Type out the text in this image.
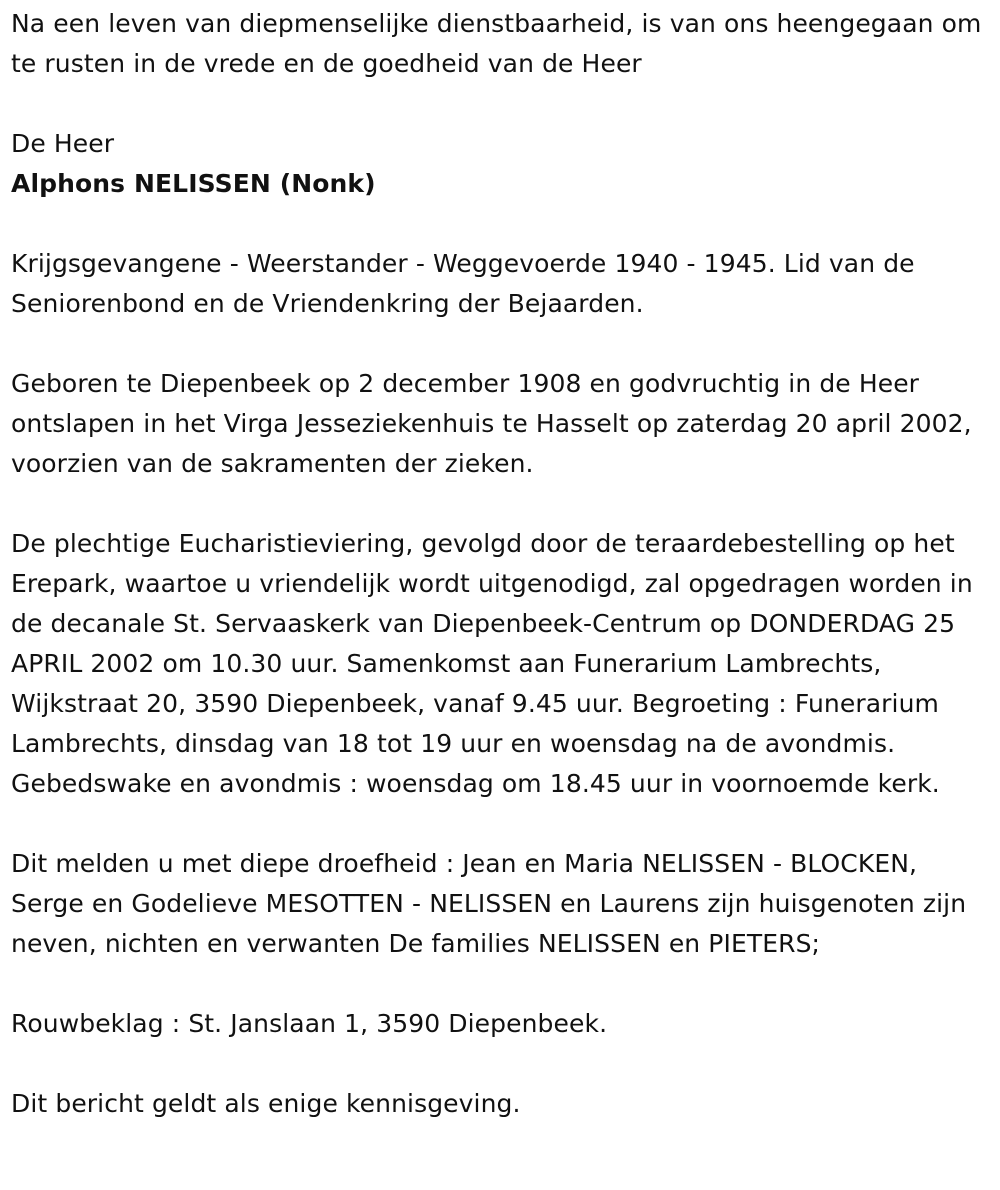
Na een leven van diepmenselijke dienstbaarheid, is van ons heengegaan om te rusten in de vrede en de goedheid van de Heer

De Heer

Alphons NELISSEN (Nonk)

Krijgsgevangene - Weerstander - Weggevoerde 1940 - 1945. Lid van de Seniorenbond en de Vriendenkring der Bejaarden.

Geboren te Diepenbeek op 2 december 1908 en godvruchtig in de Heer ontslapen in het Virga Jesseziekenhuis te Hasselt op zaterdag 20 april 2002, voorzien van de sakramenten der zieken.

De plechtige Eucharistieviering, gevolgd door de teraardebestelling op het Erepark, waartoe u vriendelijk wordt uitgenodigd, zal opgedragen worden in de decanale St. Servaaskerk van Diepenbeek-Centrum op DONDERDAG 25 APRIL 2002 om 10.30 uur. Samenkomst aan Funerarium Lambrechts, Wijkstraat 20, 3590 Diepenbeek, vanaf 9.45 uur. Begroeting : Funerarium Lambrechts, dinsdag van 18 tot 19 uur en woensdag na de avondmis. Gebedswake en avondmis : woensdag om 18.45 uur in voornoemde kerk.

Dit melden u met diepe droefheid : Jean en Maria NELISSEN - BLOCKEN, Serge en Godelieve MESOTTEN - NELISSEN en Laurens zijn huisgenoten zijn neven, nichten en verwanten De families NELISSEN en PIETERS;

Rouwbeklag : St. Janslaan 1, 3590 Diepenbeek.

Dit bericht geldt als enige kennisgeving.
